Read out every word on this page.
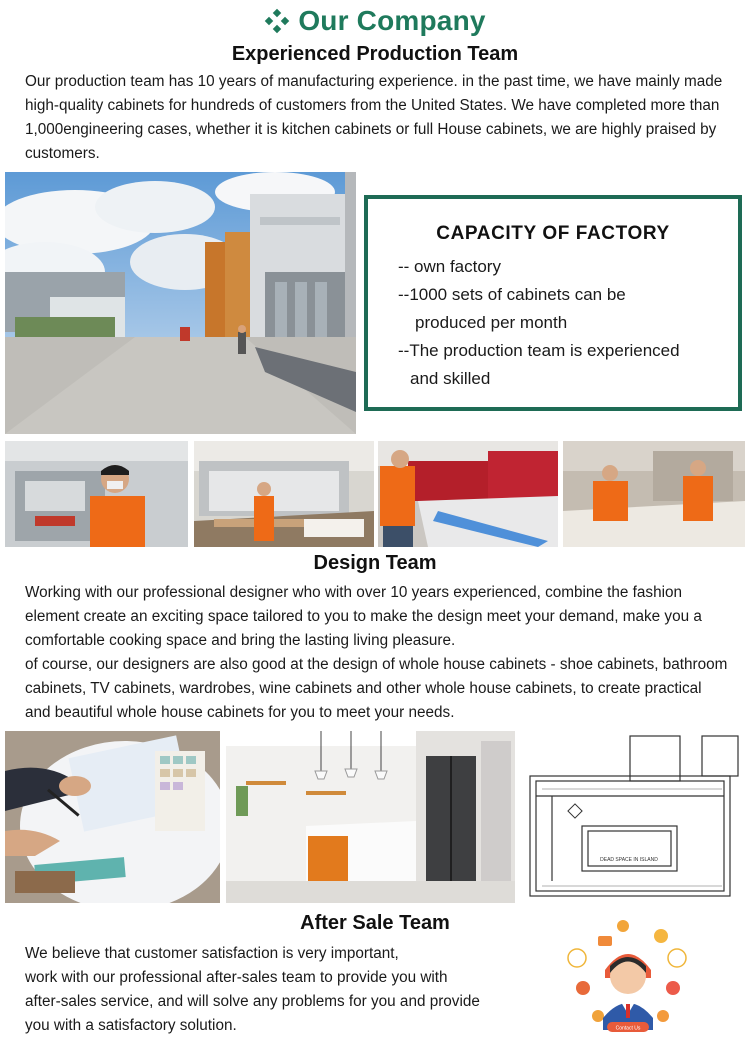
Our Company
Experienced Production Team

Our production team has 10 years of manufacturing experience. in the past time, we have mainly made high-quality cabinets for hundreds of customers from the United States. We have completed more than 1,000engineering cases, whether it is kitchen cabinets or full House cabinets, we are highly praised by customers.

CAPACITY OF FACTORY
-- own factory
--1000 sets of cabinets can be
produced per month
--The production team is experienced
and skilled
Design Team

Working with our professional designer who with over 10 years experienced, combine the fashion element create an exciting space tailored to you to make the design meet your demand, make you a comfortable cooking space and bring the lasting living pleasure.

of course, our designers are also good at the design of whole house cabinets - shoe cabinets, bathroom cabinets, TV cabinets, wardrobes, wine cabinets and other whole house cabinets, to create practical and beautiful whole house cabinets for you to meet your needs.

DEAD SPACE IN ISLAND
After Sale Team
We believe that customer satisfaction is very important,
work with our professional after-sales team to provide you with
after-sales service, and will solve any problems for you and provide
you with a satisfactory solution.	Contact Us
